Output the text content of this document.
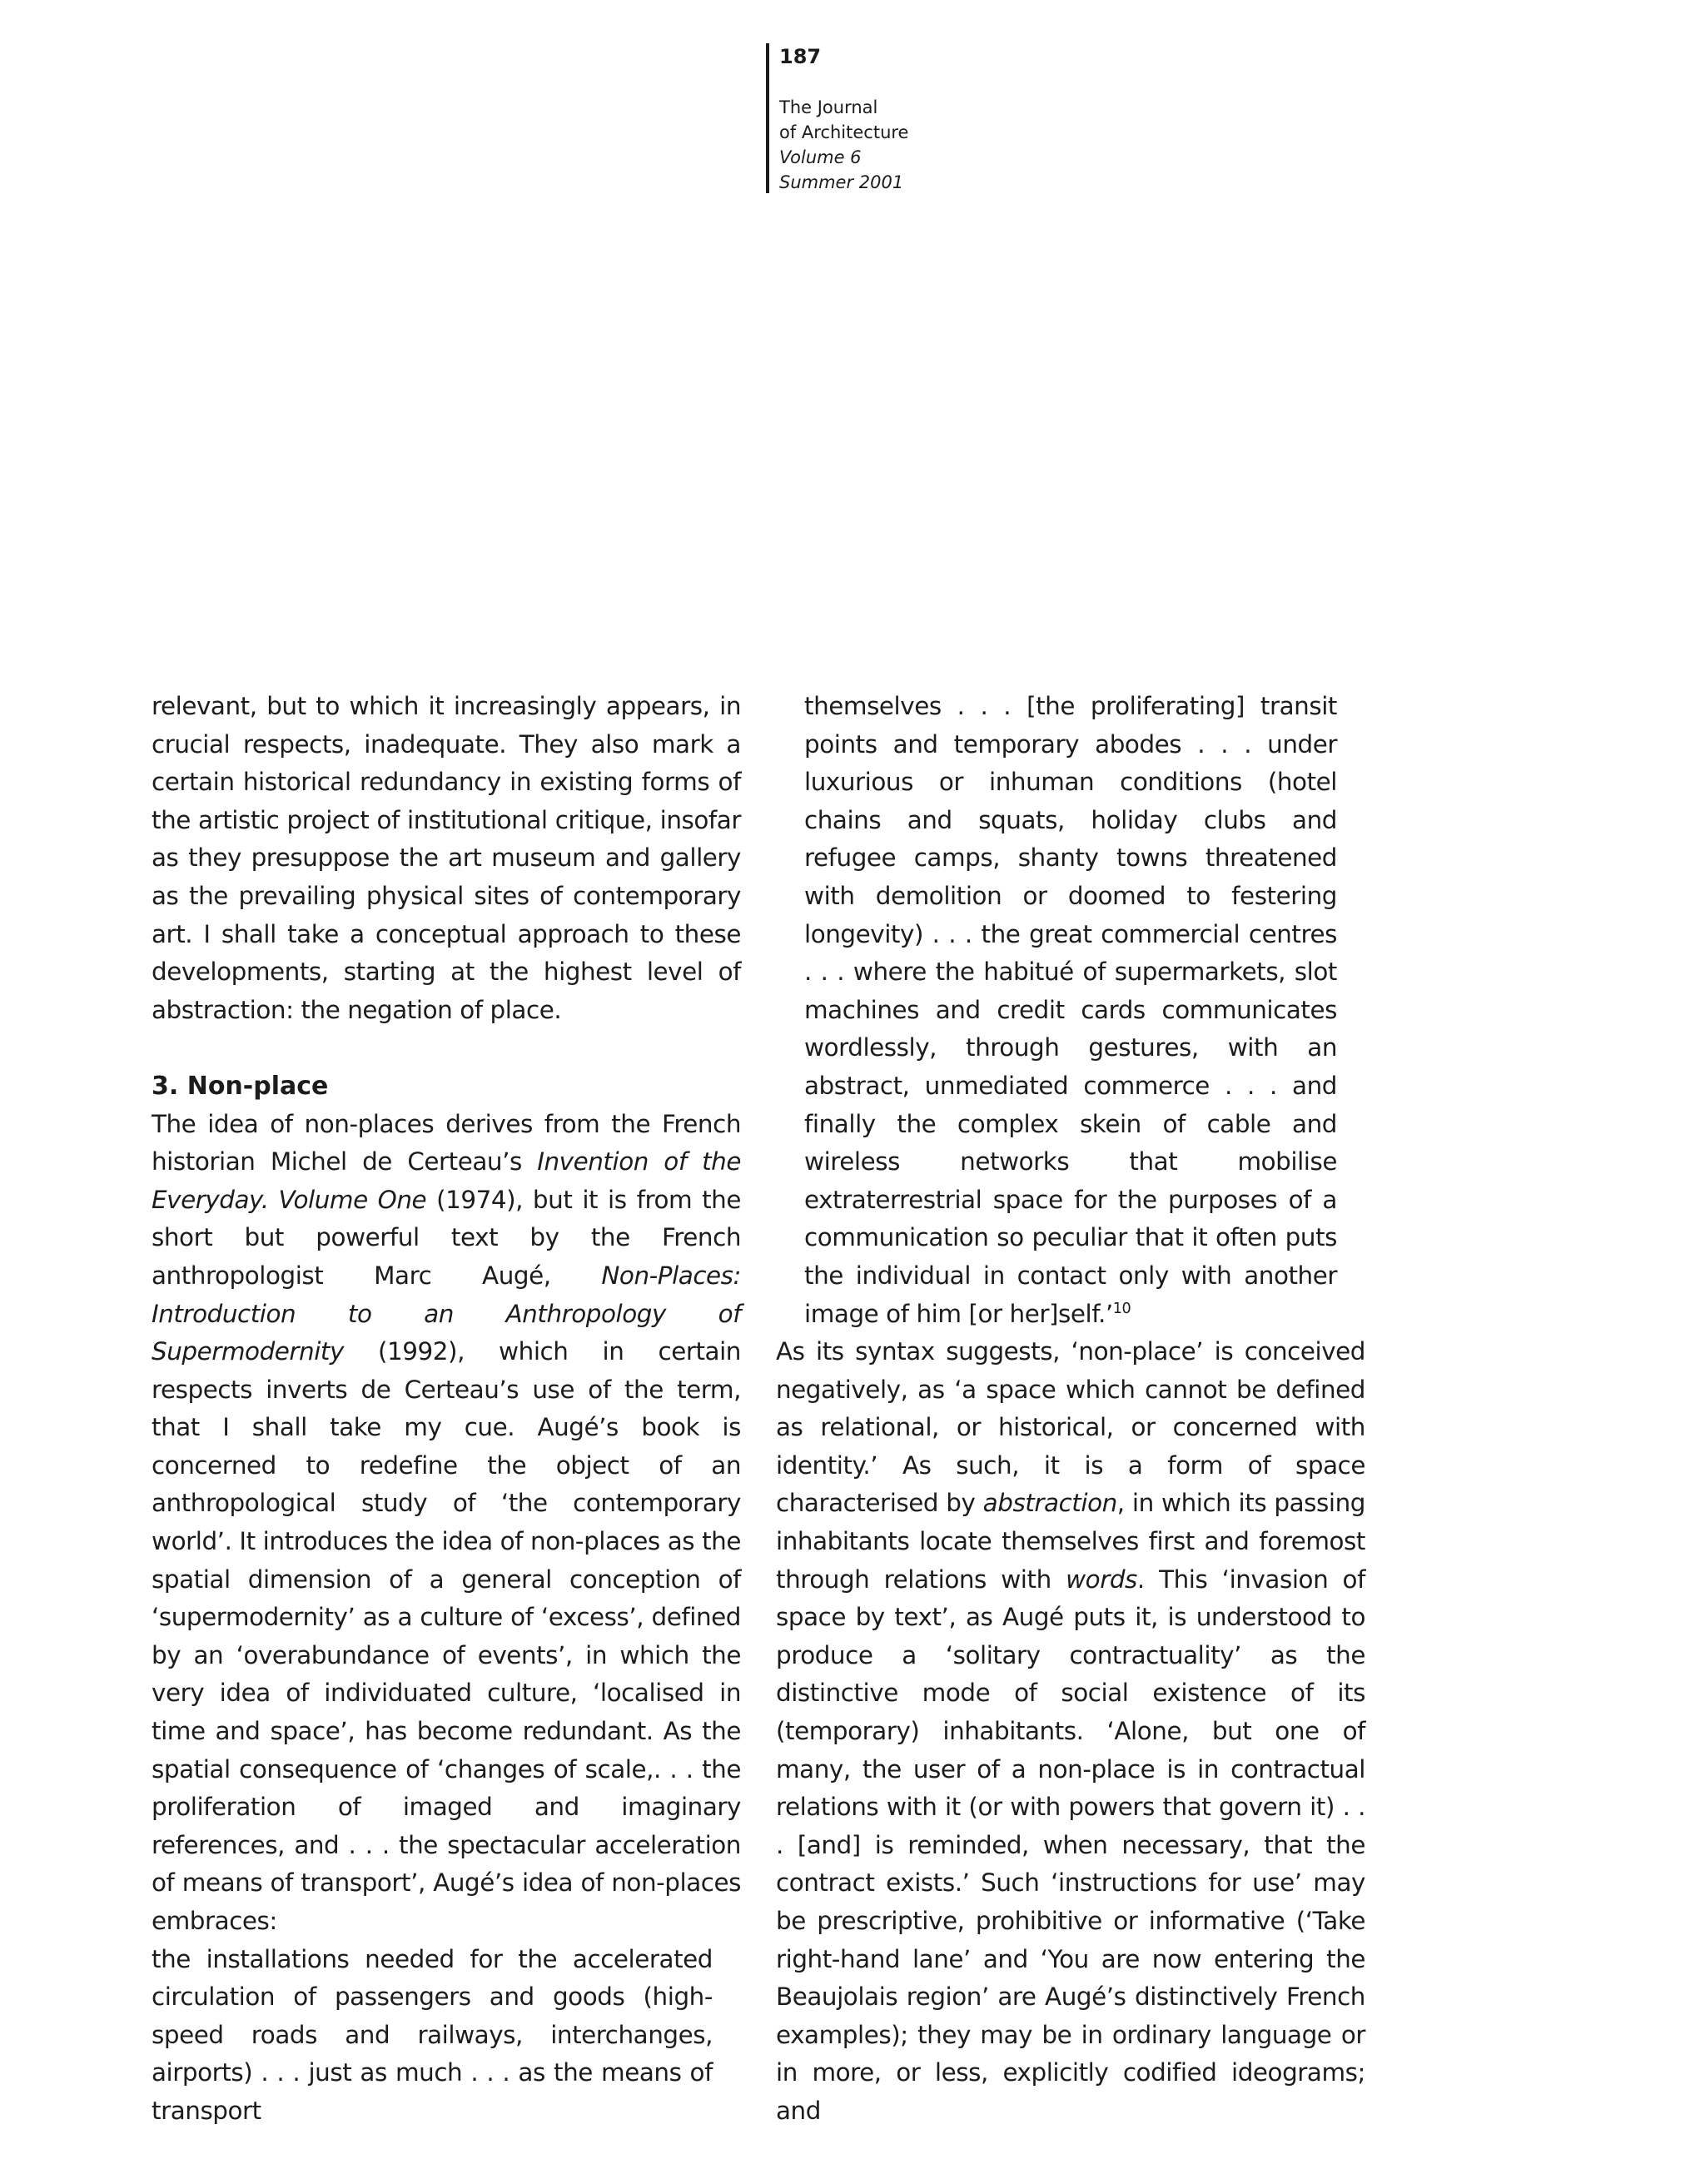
187
The Journal
of Architecture
Volume 6
Summer 2001

relevant, but to which it increasingly appears, in crucial respects, inadequate. They also mark a certain historical redundancy in existing forms of the artistic project of institutional critique, insofar as they presuppose the art museum and gallery as the prevailing physical sites of contemporary art. I shall take a conceptual approach to these developments, starting at the highest level of abstraction: the negation of place.

3. Non-place

The idea of non-places derives from the French historian Michel de Certeau’s Invention of the Everyday. Volume One (1974), but it is from the short but powerful text by the French anthropologist Marc Augé, Non-Places: Introduction to an Anthropology of Supermodernity (1992), which in certain respects inverts de Certeau’s use of the term, that I shall take my cue. Augé’s book is concerned to redefine the object of an anthropological study of ‘the contemporary world’. It introduces the idea of non-places as the spatial dimension of a general conception of ‘supermodernity’ as a culture of ‘excess’, defined by an ‘overabundance of events’, in which the very idea of individuated culture, ‘localised in time and space’, has become redundant. As the spatial consequence of ‘changes of scale,. . . the proliferation of imaged and imaginary references, and . . . the spectacular acceleration of means of transport’, Augé’s idea of non-places embraces:

the installations needed for the accelerated circulation of passengers and goods (high-speed roads and railways, interchanges, airports) . . . just as much . . . as the means of transport

themselves . . . [the proliferating] transit points and temporary abodes . . . under luxurious or inhuman conditions (hotel chains and squats, holiday clubs and refugee camps, shanty towns threatened with demolition or doomed to festering longevity) . . . the great commercial centres . . . where the habitué of supermarkets, slot machines and credit cards communicates wordlessly, through gestures, with an abstract, unmediated commerce . . . and finally the complex skein of cable and wireless networks that mobilise extraterrestrial space for the purposes of a communication so peculiar that it often puts the individual in contact only with another image of him [or her]self.’$^{10}$

As its syntax suggests, ‘non-place’ is conceived negatively, as ‘a space which cannot be defined as relational, or historical, or concerned with identity.’ As such, it is a form of space characterised by abstraction, in which its passing inhabitants locate themselves first and foremost through relations with words. This ‘invasion of space by text’, as Augé puts it, is understood to produce a ‘solitary contractuality’ as the distinctive mode of social existence of its (temporary) inhabitants. ‘Alone, but one of many, the user of a non-place is in contractual relations with it (or with powers that govern it) . . . [and] is reminded, when necessary, that the contract exists.’ Such ‘instructions for use’ may be prescriptive, prohibitive or informative (‘Take right-hand lane’ and ‘You are now entering the Beaujolais region’ are Augé’s distinctively French examples); they may be in ordinary language or in more, or less, explicitly codified ideograms; and
